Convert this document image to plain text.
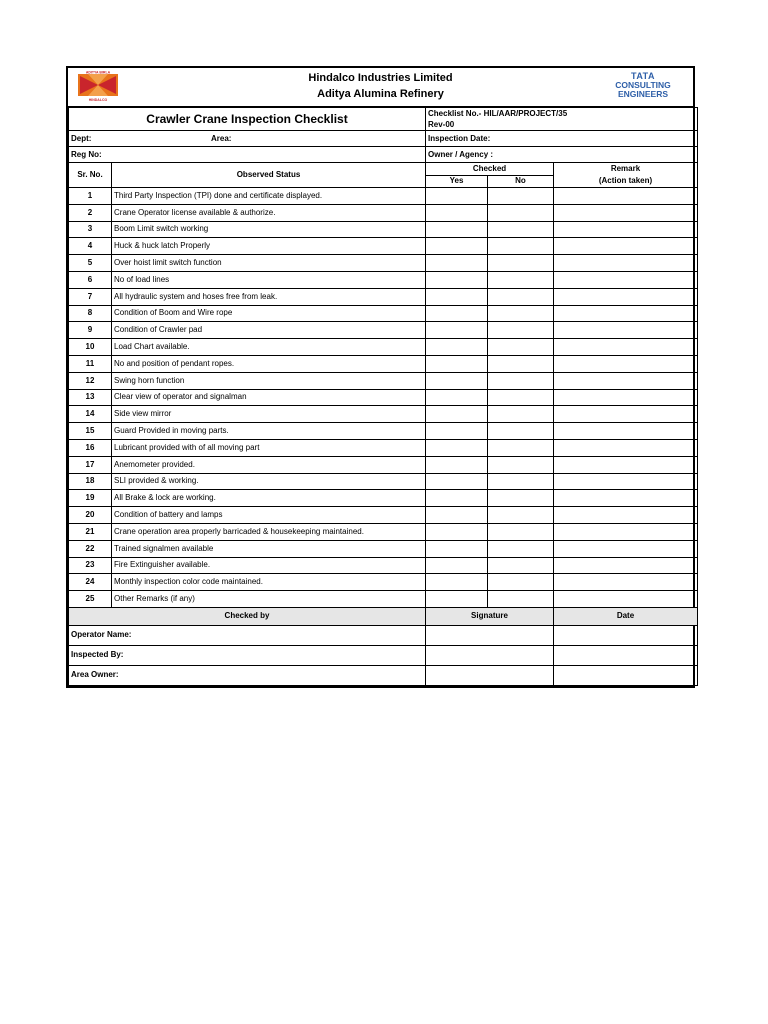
ADITYA BIRLA
HINDALCO
Hindalco Industries Limited
Aditya Alumina Refinery
TATA
CONSULTING
ENGINEERS
Crawler Crane Inspection Checklist		Checklist No.- HIL/AAR/PROJECT/35
Rev-00		

Dept: Area:		Inspection Date:		
Reg No:		Owner / Agency :		
Sr. No.	Observed Status	Checked		Remark
(Action taken)

		Yes	No	
1	Third Party Inspection (TPI) done and certificate displayed.			
2	Crane Operator license available & authorize.			
3	Boom Limit switch working			
4	Huck & huck latch Properly			
5	Over hoist limit switch function			
6	No of load lines			
7	All hydraulic system and hoses free from leak.			
8	Condition of Boom and Wire rope			
9	Condition of Crawler pad			
10	Load Chart available.			
11	No and position of pendant ropes.			
12	Swing horn function			
13	Clear view of operator and signalman			
14	Side view mirror			
15	Guard Provided in moving parts.			
16	Lubricant provided with of all moving part			
17	Anemometer provided.			
18	SLI provided & working.			
19	All Brake & lock are working.			
20	Condition of battery and lamps			
21	Crane operation area properly barricaded & housekeeping maintained.			
22	Trained signalmen available			
23	Fire Extinguisher available.			
24	Monthly inspection color code maintained.			
25	Other Remarks (if any)			
Checked by		Signature		Date
Operator Name:				
Inspected By:				
Area Owner:				
